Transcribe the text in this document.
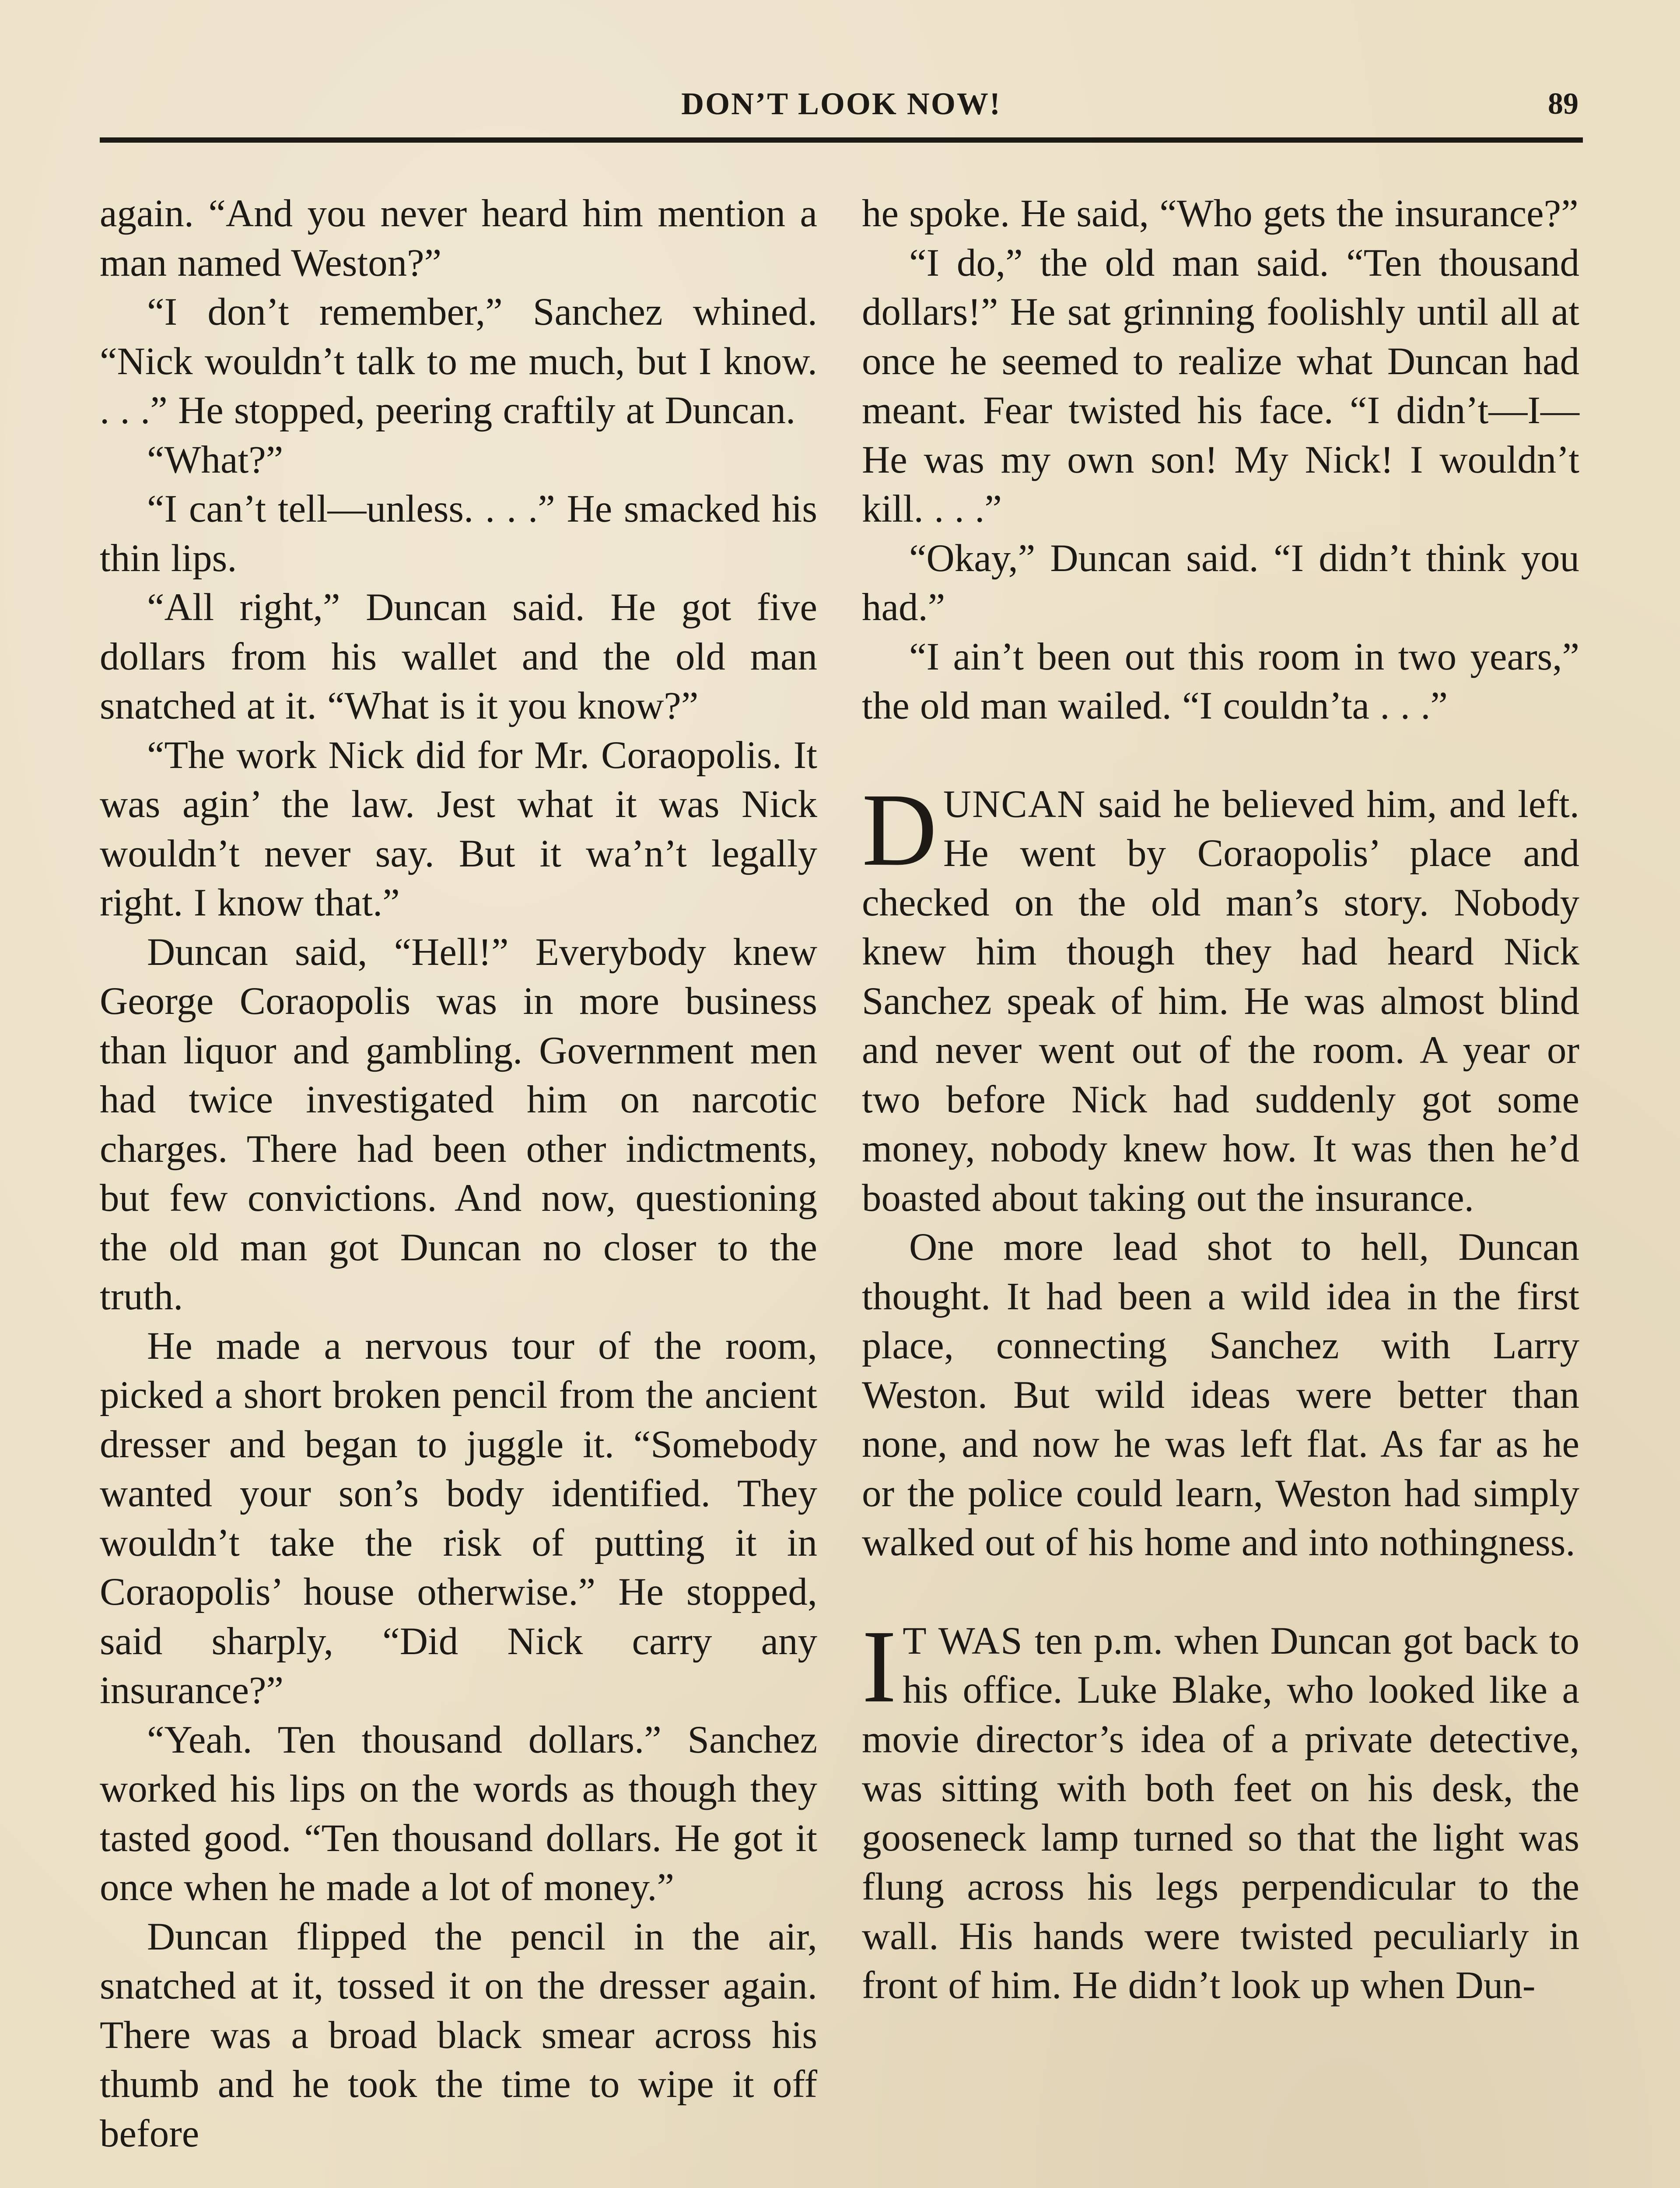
DON’T LOOK NOW!	89

again. “And you never heard him mention a man named Weston?”

“I don’t remember,” Sanchez whined. “Nick wouldn’t talk to me much, but I know. . . .” He stopped, peering craftily at Duncan.

“What?”

“I can’t tell—unless. . . .” He smacked his thin lips.

“All right,” Duncan said. He got five dollars from his wallet and the old man snatched at it. “What is it you know?”

“The work Nick did for Mr. Coraopolis. It was agin’ the law. Jest what it was Nick wouldn’t never say. But it wa’n’t legally right. I know that.”

Duncan said, “Hell!” Everybody knew George Coraopolis was in more business than liquor and gambling. Government men had twice investigated him on narcotic charges. There had been other indictments, but few convictions. And now, questioning the old man got Duncan no closer to the truth.

He made a nervous tour of the room, picked a short broken pencil from the ancient dresser and began to juggle it. “Somebody wanted your son’s body identified. They wouldn’t take the risk of putting it in Coraopolis’ house otherwise.” He stopped, said sharply, “Did Nick carry any insurance?”

“Yeah. Ten thousand dollars.” Sanchez worked his lips on the words as though they tasted good. “Ten thousand dollars. He got it once when he made a lot of money.”

Duncan flipped the pencil in the air, snatched at it, tossed it on the dresser again. There was a broad black smear across his thumb and he took the time to wipe it off before

he spoke. He said, “Who gets the insurance?”

“I do,” the old man said. “Ten thousand dollars!” He sat grinning foolishly until all at once he seemed to realize what Duncan had meant. Fear twisted his face. “I didn’t—I— He was my own son! My Nick! I wouldn’t kill. . . .”

“Okay,” Duncan said. “I didn’t think you had.”

“I ain’t been out this room in two years,” the old man wailed. “I couldn’ta . . .”

DUNCAN said he believed him, and left. He went by Coraopolis’ place and checked on the old man’s story. Nobody knew him though they had heard Nick Sanchez speak of him. He was almost blind and never went out of the room. A year or two before Nick had suddenly got some money, nobody knew how. It was then he’d boasted about taking out the insurance.

One more lead shot to hell, Duncan thought. It had been a wild idea in the first place, connecting Sanchez with Larry Weston. But wild ideas were better than none, and now he was left flat. As far as he or the police could learn, Weston had simply walked out of his home and into nothingness.

I T WAS ten p.m. when Duncan got back to his office. Luke Blake, who looked like a movie director’s idea of a private detective, was sitting with both feet on his desk, the gooseneck lamp turned so that the light was flung across his legs perpendicular to the wall. His hands were twisted peculiarly in front of him. He didn’t look up when Dun-
